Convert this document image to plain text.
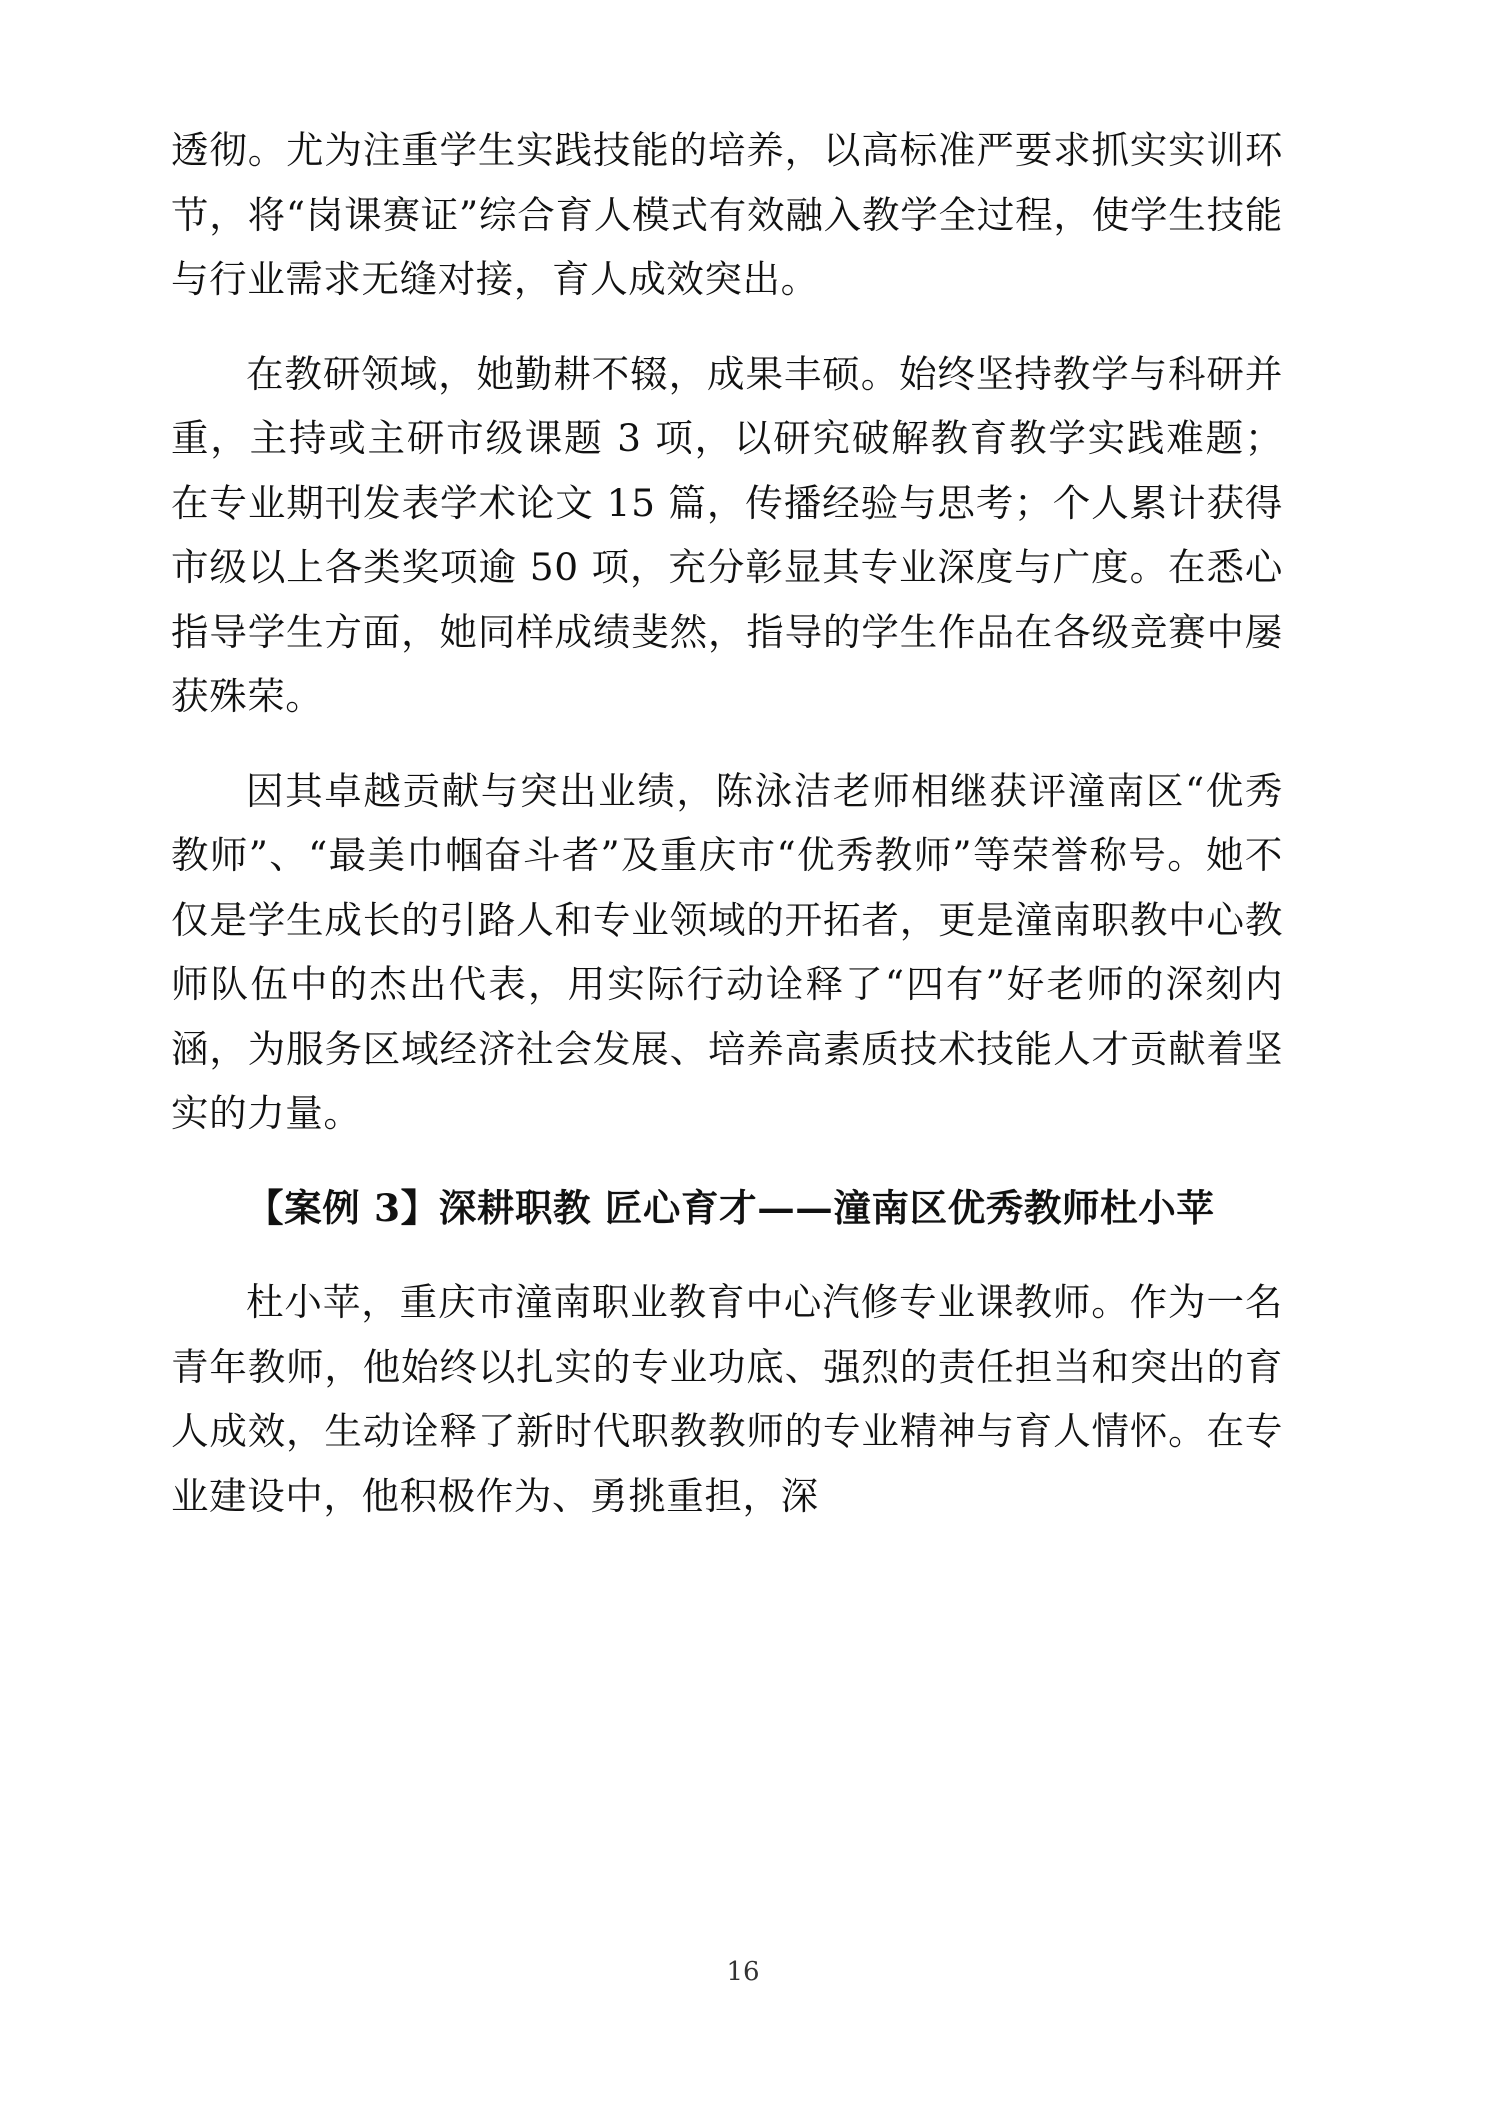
透彻。尤为注重学生实践技能的培养，以高标准严要求抓实实训环节，将“岗课赛证”综合育人模式有效融入教学全过程，使学生技能与行业需求无缝对接，育人成效突出。

在教研领域，她勤耕不辍，成果丰硕。始终坚持教学与科研并重，主持或主研市级课题 3 项，以研究破解教育教学实践难题；在专业期刊发表学术论文 15 篇，传播经验与思考；个人累计获得市级以上各类奖项逾 50 项，充分彰显其专业深度与广度。在悉心指导学生方面，她同样成绩斐然，指导的学生作品在各级竞赛中屡获殊荣。

因其卓越贡献与突出业绩，陈泳洁老师相继获评潼南区“优秀教师”、“最美巾帼奋斗者”及重庆市“优秀教师”等荣誉称号。她不仅是学生成长的引路人和专业领域的开拓者，更是潼南职教中心教师队伍中的杰出代表，用实际行动诠释了“四有”好老师的深刻内涵，为服务区域经济社会发展、培养高素质技术技能人才贡献着坚实的力量。

【案例 3】深耕职教 匠心育才——潼南区优秀教师杜小苹

杜小苹，重庆市潼南职业教育中心汽修专业课教师。作为一名青年教师，他始终以扎实的专业功底、强烈的责任担当和突出的育人成效，生动诠释了新时代职教教师的专业精神与育人情怀。在专业建设中，他积极作为、勇挑重担，深

16
